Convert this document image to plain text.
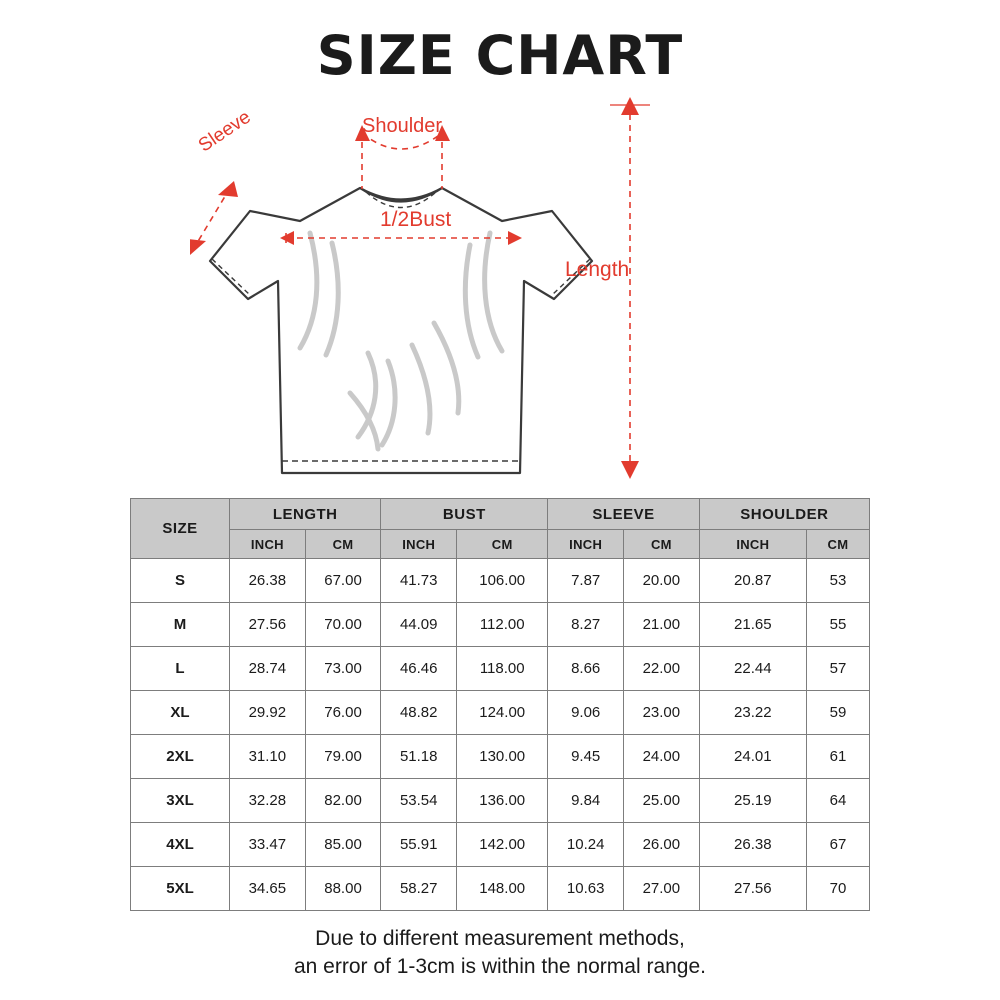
SIZE CHART
Sleeve	Shoulder
1/2Bust
Length
SIZE	LENGTH		BUST		SLEEVE		SHOULDER	
	INCH	CM	INCH	CM	INCH	CM	INCH	CM
S	26.38	67.00	41.73	106.00	7.87	20.00	20.87	53
M	27.56	70.00	44.09	112.00	8.27	21.00	21.65	55
L	28.74	73.00	46.46	118.00	8.66	22.00	22.44	57
XL	29.92	76.00	48.82	124.00	9.06	23.00	23.22	59
2XL	31.10	79.00	51.18	130.00	9.45	24.00	24.01	61
3XL	32.28	82.00	53.54	136.00	9.84	25.00	25.19	64
4XL	33.47	85.00	55.91	142.00	10.24	26.00	26.38	67
5XL	34.65	88.00	58.27	148.00	10.63	27.00	27.56	70
Due to different measurement methods,
an error of 1-3cm is within the normal range.
